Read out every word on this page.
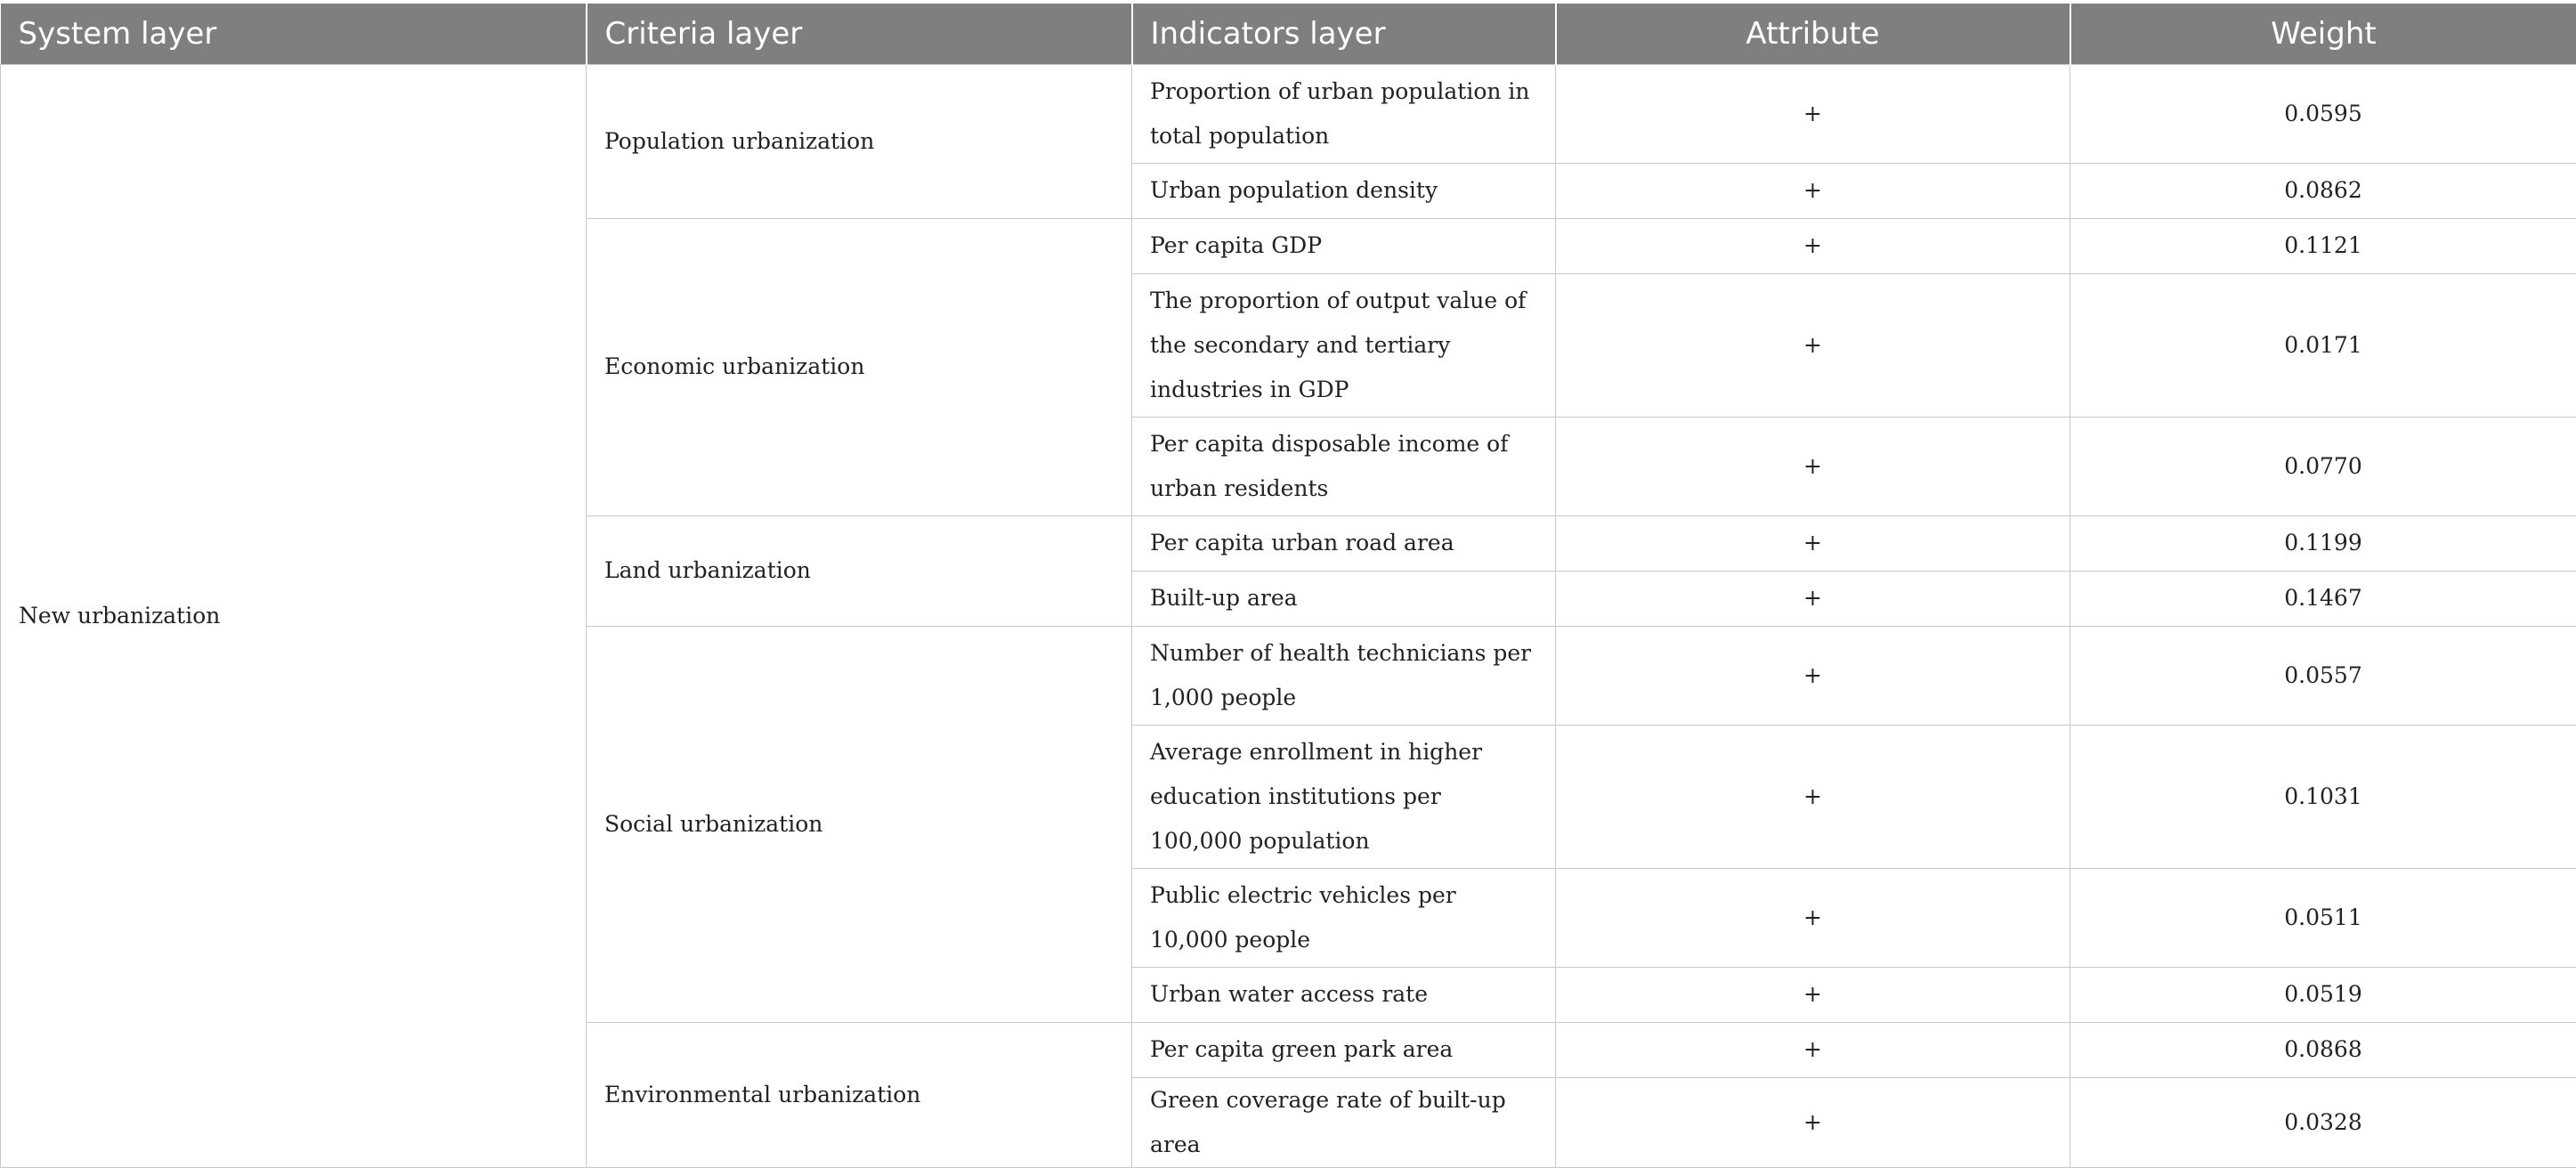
System layer	Criteria layer	Indicators layer	Attribute	Weight
New urbanization	Population urbanization	Proportion of urban population in total population	+	0.0595
		Urban population density	+	0.0862
	Economic urbanization	Per capita GDP	+	0.1121
		The proportion of output value of the secondary and tertiary industries in GDP	+	0.0171
		Per capita disposable income of urban residents	+	0.0770
	Land urbanization	Per capita urban road area	+	0.1199
		Built-up area	+	0.1467
	Social urbanization	Number of health technicians per 1,000 people	+	0.0557
		Average enrollment in higher education institutions per 100,000 population	+	0.1031
		Public electric vehicles per 10,000 people	+	0.0511
		Urban water access rate	+	0.0519
	Environmental urbanization	Per capita green park area	+	0.0868
		Green coverage rate of built-up area	+	0.0328
